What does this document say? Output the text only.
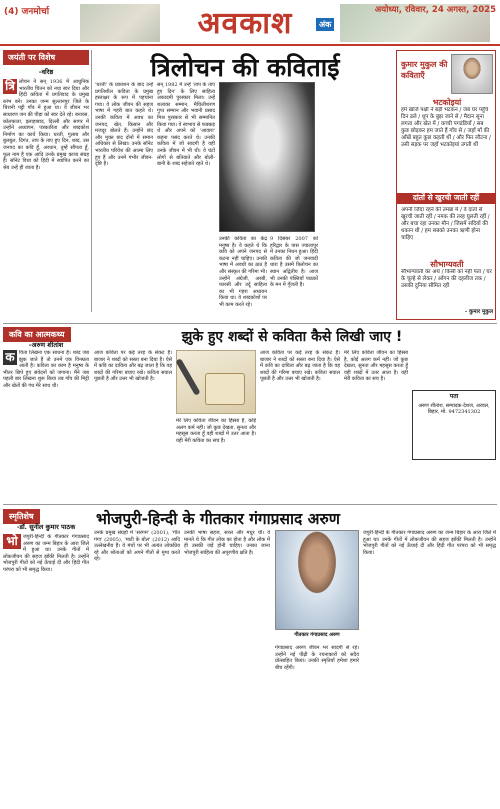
(4) जनमोर्चा	अवकाश	अंक
अयोध्या, रविवार, 24 अगस्त, 2025
जयंती पर विशेष
-वरिष्ठ
त्रि लोचन ने सन् 1936 में आधुनिक भारतीय चिंतन को नया स्वर दिया और हिंदी कविता में प्रगतिवाद के प्रमुख स्तंभ बने। उनका जन्म सुल्तानपुर जिले के चिरानी पट्टी गाँव में हुआ था। वे जीवन भर साधारण जन की पीड़ा को स्वर देते रहे। बनारस, कोलकाता, इलाहाबाद, दिल्ली और सागर में उन्होंने अध्यापन, पत्रकारिता और शब्दकोश निर्माण का कार्य किया। धरती, गुलाब और बुलबुल, दिगंत, ताप के ताए हुए दिन, शब्द, उस जनपद का कवि हूँ, अरधान, तुम्हें सौंपता हूँ, फूल नाम है एक आदि उनके प्रमुख काव्य संग्रह हैं। सॉनेट विधा को हिंदी में स्थापित करने का श्रेय उन्हें ही जाता है।
त्रिलोचन की कविताई
'धरती' के प्रकाशन के बाद उन्हें प्रगतिशील कविता के प्रमुख हस्ताक्षर के रूप में पहचाना गया। वे लोक जीवन की सहज भाषा में गहरी बात कहते थे। उनकी कविता में अवध का जनपद, खेत, किसान और मजदूर बोलते हैं। उन्होंने छंद और मुक्त छंद दोनों में समान अधिकार से लिखा। उनके सॉनेट भारतीय परिवेश की आत्मा लिए हुए हैं और उनमें गंभीर जीवन-दृष्टि है।
सन् 1982 में उन्हें 'ताप के ताए हुए दिन' के लिए साहित्य अकादमी पुरस्कार मिला। उन्हें शलाका सम्मान, मैथिलीशरण गुप्त सम्मान और भवानी प्रसाद मिश्र पुरस्कार से भी सम्मानित किया गया। वे स्वभाव से फक्कड़ थे और अपने को 'आवारा' कहना पसंद करते थे। उनकी कविता में जो सादगी है वही उनके जीवन में भी थी। वे घंटों लोगों से बतियाते और बोली-बानी के शब्द सहेजते रहते थे।
उनकी कविता का केंद्र मनुष्य है। वे कहते थे कि कवि को अपने जनपद से कटना नहीं चाहिए। उनकी भाषा में अवधी का ठाठ है और संस्कृत की गरिमा भी। उन्होंने अंग्रेजी, अरबी, फारसी और उर्दू साहित्य का भी गहरा अध्ययन किया था। वे शब्दकोशों पर भी काम करते रहे।
9 दिसंबर 2007 को हरिद्वार के पास ज्वालापुर में उनका निधन हुआ। हिंदी कविता की जो जनवादी धारा है उसमें त्रिलोचन का स्थान अद्वितीय है। आज भी उनकी पंक्तियाँ पाठकों के मन में गूँजती हैं।
कुमार मुकुल की कविताएँ
भटकोइयां
हमें खोजे पक्षी ने बड़ी भटकन / जब घर पहुँचे दिन ढले / धूप के बुझ जाने से / मैदान सूना लगता और खेत में / कच्ची पगडंडियाँ / सब कुछ छोड़कर हम जाते हैं गाँव से / जहाँ माँ की आँखें बहुत कुछ कहती थीं / और फिर लौटना / उसी सड़क पर जहाँ भटकोइयां उगती थीं
दांतों से खुरची जाती रहीं
अपनी जिंदा रहने की तमन्ना में / वे दांतों से खुरची जाती रहीं / नमक की तरह घुलती रहीं / और बचा रहा उनका मौन / जिसमें सदियों की थकान थी / हम सबको उनका ऋणी होना चाहिए
सौभाग्यवती
सौभाग्यवती का अर्थ / किसी को नहीं पता / घर के चूल्हे से लेकर / आँगन की दहलीज तक / उसकी दुनिया सीमित रही
- कुमार मुकुल
कवि का आत्मकथ्य
-अरुण शीतांश	झुके हुए शब्दों से कविता कैसे लिखी जाए !
क विता लिखना एक साधना है। शब्द जब झुक जाते हैं तो उनमें एक विनम्रता आती है। कविता का काम है मनुष्य के भीतर छिपे हुए संवेदनों को जगाना। मैंने जब पहली बार लिखना शुरू किया तब गाँव की मिट्टी और खेतों की गंध मेरे साथ थी।
आज कविता पर कई तरह के संकट हैं। बाजार ने शब्दों को सस्ता बना दिया है। ऐसे में कवि का दायित्व और बढ़ जाता है कि वह शब्दों की गरिमा बचाए रखे। कविता सवाल पूछती है और उत्तर भी खोजती है।
मेरे लिए कविता जीवन का हिस्सा है, कोई अलग कर्म नहीं। जो कुछ देखता, सुनता और महसूस करता हूँ वही शब्दों में उतर आता है। यही मेरी कविता का सच है।
आज कविता पर कई तरह के संकट हैं। बाजार ने शब्दों को सस्ता बना दिया है। ऐसे में कवि का दायित्व और बढ़ जाता है कि वह शब्दों की गरिमा बचाए रखे। कविता सवाल पूछती है और उत्तर भी खोजती है।
मेरे लिए कविता जीवन का हिस्सा है, कोई अलग कर्म नहीं। जो कुछ देखता, सुनता और महसूस करता हूँ वही शब्दों में उतर आता है। यही मेरी कविता का सच है।
पता
अरुण शीतांश, सम्पादक-देशज, अरवल, बिहार, मो. 9472341302
स्मृतिशेष
-डॉ. सुनील कुमार पाठक	भोजपुरी-हिन्दी के गीतकार गंगाप्रसाद अरुण
भो	जपुरी-हिन्दी के गीतकार गंगाप्रसाद अरुण का जन्म बिहार के आरा जिले में हुआ था। उनके गीतों में लोकजीवन की सहज झाँकी मिलती है। उन्होंने भोजपुरी गीतों को नई ऊँचाई दी और हिंदी गीत परंपरा को भी समृद्ध किया।
उनके प्रमुख संग्रहों में 'सरगम' (2001), 'गीत गंगा' (2005), 'माटी के बोल' (2012) आदि उल्लेखनीय हैं। वे मंचों पर भी अत्यंत लोकप्रिय रहे और श्रोताओं को अपने गीतों से मुग्ध करते रहे।
उनकी भाषा सहज, सरल और मधुर थी। वे मानते थे कि गीत लोक का होता है और लोक में ही उसकी जड़ें होनी चाहिए। उनका जाना भोजपुरी साहित्य की अपूरणीय क्षति है।
गीतकार गंगाप्रसाद अरुण
गंगाप्रसाद अरुण जीवन भर सादगी से रहे। उन्होंने नई पीढ़ी के रचनाकारों को सदैव प्रोत्साहित किया। उनकी स्मृतियाँ हमेशा हमारे बीच रहेंगी।
जपुरी-हिन्दी के गीतकार गंगाप्रसाद अरुण का जन्म बिहार के आरा जिले में हुआ था। उनके गीतों में लोकजीवन की सहज झाँकी मिलती है। उन्होंने भोजपुरी गीतों को नई ऊँचाई दी और हिंदी गीत परंपरा को भी समृद्ध किया।
